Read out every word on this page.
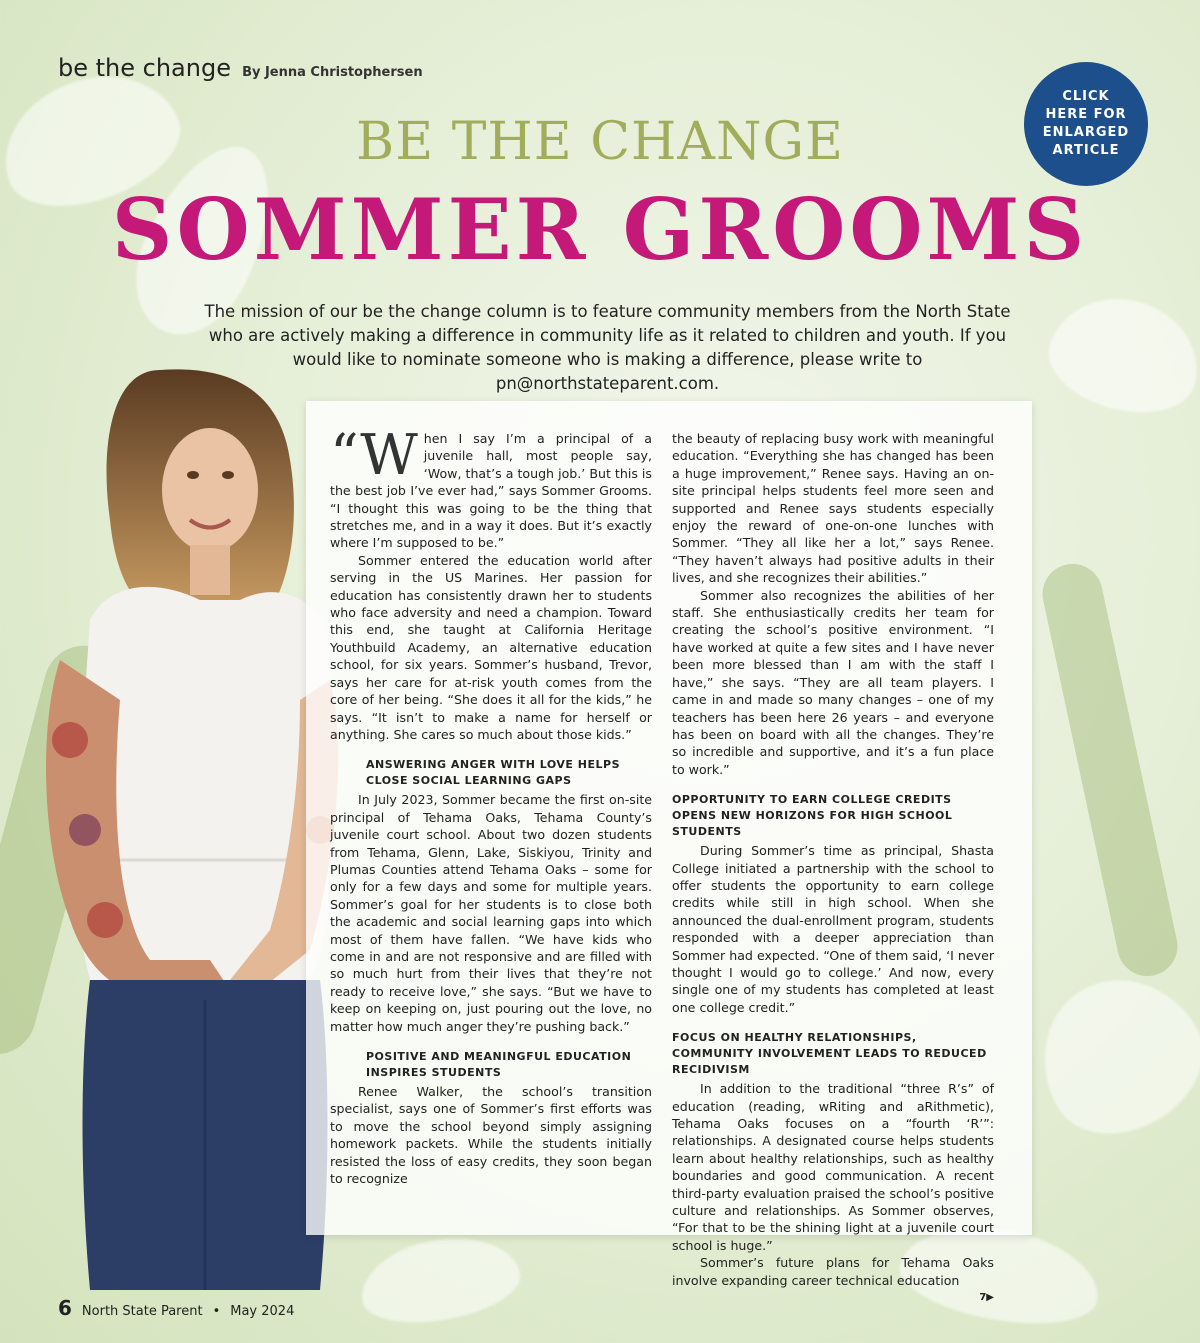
be the change By Jenna Christophersen
CLICK
HERE FOR
ENLARGED
ARTICLE
BE THE CHANGE
SOMMER GROOMS
The mission of our be the change column is to feature community members from the North State who are actively making a difference in community life as it related to children and youth. If you would like to nominate someone who is making a difference, please write to pn@northstateparent.com.

“When I say I’m a principal of a juvenile hall, most people say, ‘Wow, that’s a tough job.’ But this is the best job I’ve ever had,” says Sommer Grooms. “I thought this was going to be the thing that stretches me, and in a way it does. But it’s exactly where I’m supposed to be.”

Sommer entered the education world after serving in the US Marines. Her passion for education has consistently drawn her to students who face adversity and need a champion. Toward this end, she taught at California Heritage Youthbuild Academy, an alternative education school, for six years. Sommer’s husband, Trevor, says her care for at-risk youth comes from the core of her being. “She does it all for the kids,” he says. “It isn’t to make a name for herself or anything. She cares so much about those kids.”

ANSWERING ANGER WITH LOVE HELPS CLOSE SOCIAL LEARNING GAPS

In July 2023, Sommer became the first on-site principal of Tehama Oaks, Tehama County’s juvenile court school. About two dozen students from Tehama, Glenn, Lake, Siskiyou, Trinity and Plumas Counties attend Tehama Oaks – some for only for a few days and some for multiple years. Sommer’s goal for her students is to close both the academic and social learning gaps into which most of them have fallen. “We have kids who come in and are not responsive and are filled with so much hurt from their lives that they’re not ready to receive love,” she says. “But we have to keep on keeping on, just pouring out the love, no matter how much anger they’re pushing back.”

POSITIVE AND MEANINGFUL EDUCATION INSPIRES STUDENTS

Renee Walker, the school’s transition specialist, says one of Sommer’s first efforts was to move the school beyond simply assigning homework packets. While the students initially resisted the loss of easy credits, they soon began to recognize

the beauty of replacing busy work with meaningful education. “Everything she has changed has been a huge improvement,” Renee says. Having an on-site principal helps students feel more seen and supported and Renee says students especially enjoy the reward of one-on-one lunches with Sommer. “They all like her a lot,” says Renee. “They haven’t always had positive adults in their lives, and she recognizes their abilities.”

Sommer also recognizes the abilities of her staff. She enthusiastically credits her team for creating the school’s positive environment. “I have worked at quite a few sites and I have never been more blessed than I am with the staff I have,” she says. “They are all team players. I came in and made so many changes – one of my teachers has been here 26 years – and everyone has been on board with all the changes. They’re so incredible and supportive, and it’s a fun place to work.”

OPPORTUNITY TO EARN COLLEGE CREDITS OPENS NEW HORIZONS FOR HIGH SCHOOL STUDENTS

During Sommer’s time as principal, Shasta College initiated a partnership with the school to offer students the opportunity to earn college credits while still in high school. When she announced the dual-enrollment program, students responded with a deeper appreciation than Sommer had expected. “One of them said, ‘I never thought I would go to college.’ And now, every single one of my students has completed at least one college credit.”

FOCUS ON HEALTHY RELATIONSHIPS, COMMUNITY INVOLVEMENT LEADS TO REDUCED RECIDIVISM

In addition to the traditional “three R’s” of education (reading, wRiting and aRithmetic), Tehama Oaks focuses on a “fourth ‘R’”: relationships. A designated course helps students learn about healthy relationships, such as healthy boundaries and good communication. A recent third-party evaluation praised the school’s positive culture and relationships. As Sommer observes, “For that to be the shining light at a juvenile court school is huge.”

Sommer’s future plans for Tehama Oaks involve expanding career technical education
7▶

6 North State Parent • May 2024
